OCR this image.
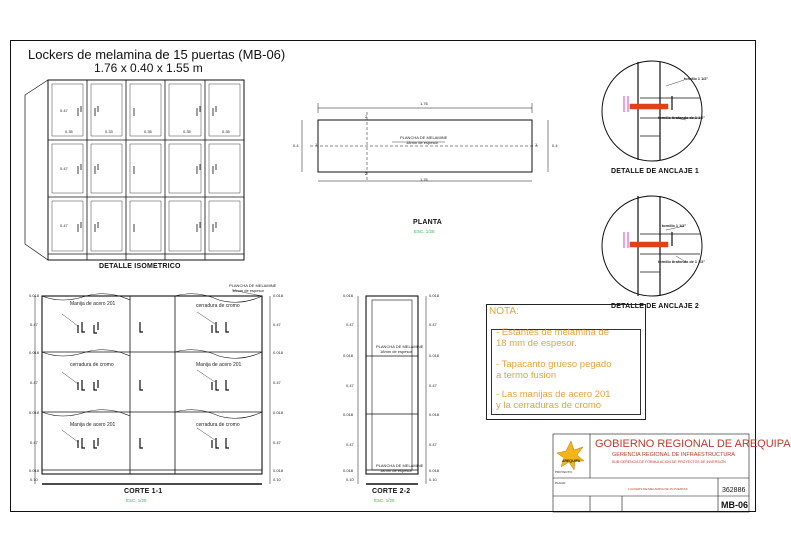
Lockers de melamina de 15 puertas (MB-06)
1.76 x 0.40 x 1.55 m
0.47
0.47
0.47
0.35	0.33	0.35	0.35	0.35
DETALLE ISOMETRICO
1.76
1.76
0.4	0.4
2
2
1	1
PLANCHA DE MELAMINE
18mm de espesor
PLANTA
ESC. 1/25
tornillo 1 1/2"
tornillo tirafondo de 1 1/2"
DETALLE DE ANCLAJE 1
tornillo 1 1/2"
tornillo tirafondo de 1 1/2"
DETALLE DE ANCLAJE 2
PLANCHA DE MELAMINE
18mm de espesor
Manija de acero 201	cerradura de cromo
cerradura de cromo	Manija de acero 201
Manija de acero 201	cerradura de cromo
0.018
0.47
0.018
0.47
0.018
0.47
0.018
0.10
0.018
0.47
0.018
0.47
0.018
0.47
0.018
0.10
CORTE 1-1
ESC. 1/25
PLANCHA DE MELAMINE
18mm de espesor
PLANCHA DE MELAMINE
18mm de espesor
0.018
0.47
0.018
0.47
0.018
0.47
0.018
0.10
0.018
0.47
0.018
0.47
0.018
0.47
0.018
0.10
CORTE 2-2
ESC. 1/25
NOTA:
- Estantes de melamina de
18 mm de espesor.
- Tapacanto grueso pegado
a termo fusion
- Las manijas de acero 201
y la cerraduras de cromo
AREQUIPA
GOBIERNO REGIONAL DE AREQUIPA
GERENCIA REGIONAL DE INFRAESTRUCTURA
SUB GERENCIA DE FORMULACION DE PROYECTOS DE INVERSION
PROYECTO:
PLANO:
LOCKERS DE MELAMINA DE 15 PUERTAS	362886
MB-06
